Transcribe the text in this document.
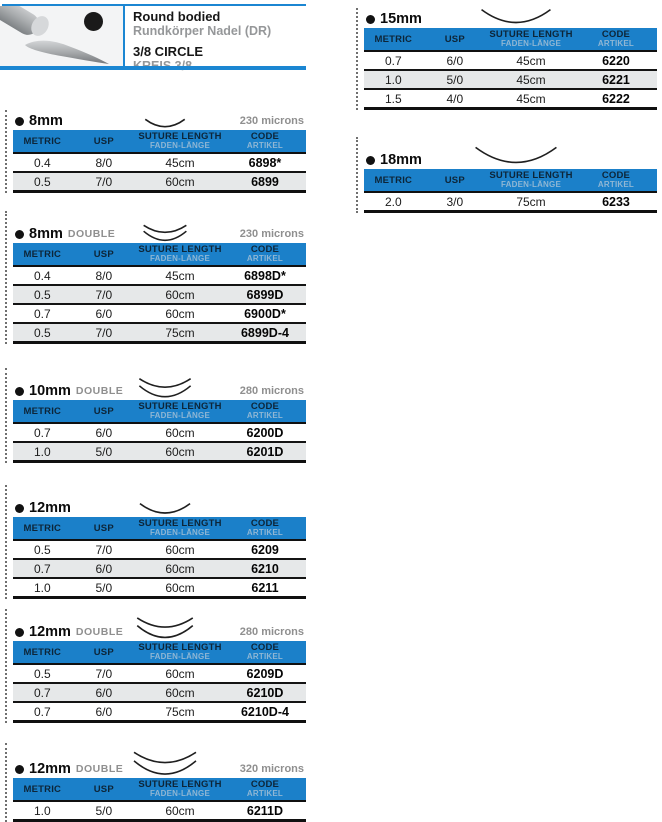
Round bodied
Rundkörper Nadel (DR)
3/8 CIRCLE
8mm	230 microns
METRIC	USP	SUTURE LENGTH
FADEN-LÄNGE	CODE
ARTIKEL

0.4	8/0	45cm	6898*
0.5	7/0	60cm	6899
8mm DOUBLE	230 microns
METRIC	USP	SUTURE LENGTH
FADEN-LÄNGE	CODE
ARTIKEL

0.4	8/0	45cm	6898D*
0.5	7/0	60cm	6899D
0.7	6/0	60cm	6900D*
0.5	7/0	75cm	6899D-4
10mm DOUBLE	280 microns
METRIC	USP	SUTURE LENGTH
FADEN-LÄNGE	CODE
ARTIKEL

0.7	6/0	60cm	6200D
1.0	5/0	60cm	6201D
12mm
METRIC	USP	SUTURE LENGTH
FADEN-LÄNGE	CODE
ARTIKEL

0.5	7/0	60cm	6209
0.7	6/0	60cm	6210
1.0	5/0	60cm	6211
12mm DOUBLE	280 microns
METRIC	USP	SUTURE LENGTH
FADEN-LÄNGE	CODE
ARTIKEL

0.5	7/0	60cm	6209D
0.7	6/0	60cm	6210D
0.7	6/0	75cm	6210D-4
12mm DOUBLE	320 microns
METRIC	USP	SUTURE LENGTH
FADEN-LÄNGE	CODE
ARTIKEL

1.0	5/0	60cm	6211D
15mm
METRIC	USP	SUTURE LENGTH
FADEN-LÄNGE	CODE
ARTIKEL

0.7	6/0	45cm	6220
1.0	5/0	45cm	6221
1.5	4/0	45cm	6222
18mm
METRIC	USP	SUTURE LENGTH
FADEN-LÄNGE	CODE
ARTIKEL

2.0	3/0	75cm	6233
